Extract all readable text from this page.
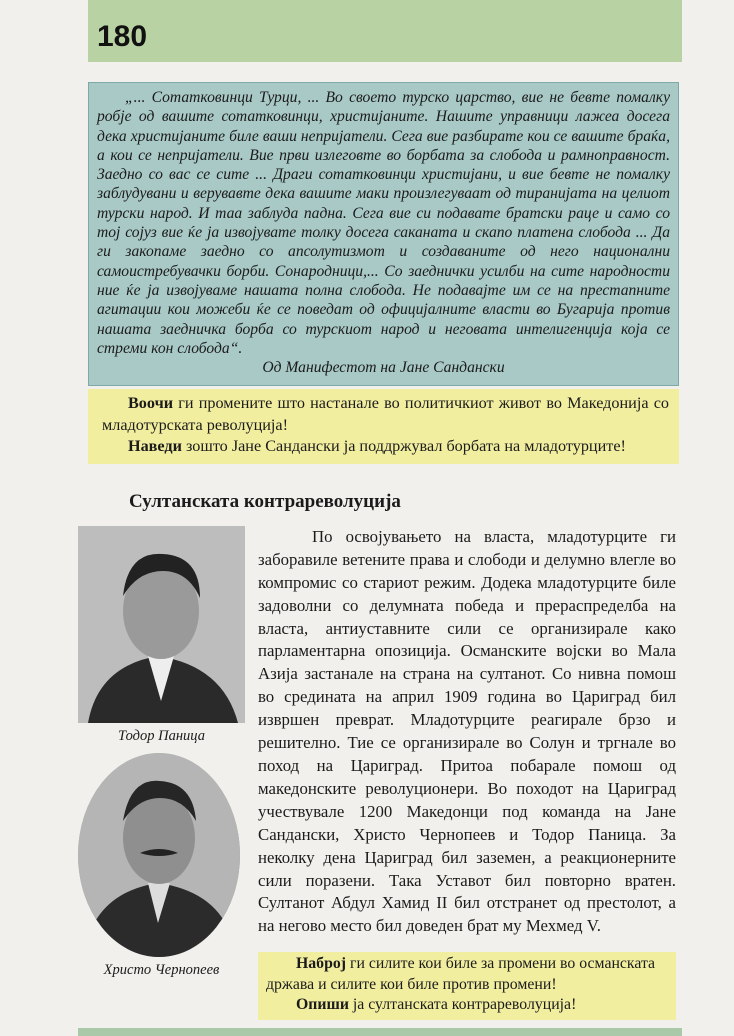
180

„... Сотатковинци Турци, ... Во своето турско царство, вие не бевте помалку робје од вашите сотатковинци, христијаните. Нашите управници лажеа досега дека христијаните биле ваши непријатели. Сега вие разбирате кои се вашите браќа, а кои се непријатели. Вие први излеговте во борбата за слобода и рамноправност. Заедно со вас се сите ... Драги сотатковинци христијани, и вие бевте не помалку заблудувани и верувавте дека вашите маки произлегуваат од тиранијата на целиот турски народ. И таа заблуда падна. Сега вие си подавате братски раце и само со тој сојуз вие ќе ја извојувате толку досега саканата и скапо платена слобода ... Да ги закопаме заедно со апсолутизмот и создаваните од него национални самоистребувачки борби. Сонародници,... Со заеднички усилби на сите народности ние ќе ја извојуваме нашата полна слобода. Не подавајте им се на престапните агитации кои можеби ќе се поведат од официјалните власти во Бугарија против нашата заедничка борба со турскиот народ и неговата интелигенција која се стреми кон слобода“.

Од Манифестот на Јане Сандански

Воочи ги промените што настанале во политичкиот живот во Македонија со младотурската револуција!

Наведи зошто Јане Сандански ја поддржувал борбата на младотурците!

Султанската контрареволуција
Тодор Паница
Христо Чернопеев

По освојувањето на власта, младотурците ги заборавиле ветените права и слободи и делумно влегле во компромис со стариот режим. Додека младотурците биле задоволни со делумната победа и прераспределба на власта, антиуставните сили се организирале како парламентарна опозиција. Османските војски во Мала Азија застанале на страна на султанот. Со нивна помош во средината на април 1909 година во Цариград бил извршен преврат. Младотурците реагирале брзо и решително. Тие се организирале во Солун и тргнале во поход на Цариград. Притоа побарале помош од македонските револуционери. Во походот на Цариград учествувале 1200 Македонци под команда на Јане Сандански, Христо Чернопеев и Тодор Паница. За неколку дена Цариград бил заземен, а реакционерните сили поразени. Така Уставот бил повторно вратен. Султанот Абдул Хамид II бил отстранет од престолот, а на негово место бил доведен брат му Мехмед V.

Наброј ги силите кои биле за промени во османската држава и силите кои биле против промени!

Опиши ја султанската контрареволуција!
